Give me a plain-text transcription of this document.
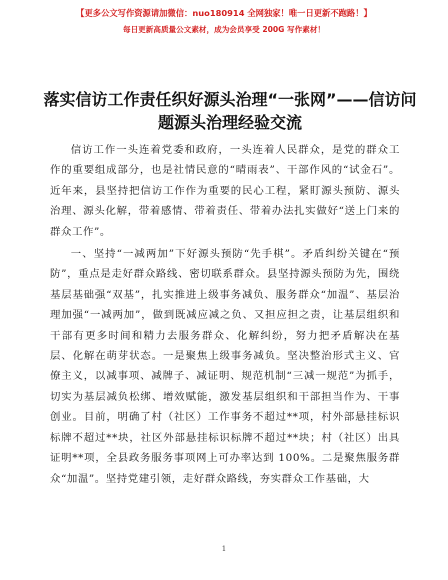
【更多公文写作资源请加微信：nuo180914 全网独家！唯一日更新不跑路！】
每日更新高质量公文素材，成为会员享受 200G 写作素材！
落实信访工作责任织好源头治理“一张网”——信访问题源头治理经验交流

信访工作一头连着党委和政府，一头连着人民群众，是党的群众工作的重要组成部分，也是社情民意的“晴雨表”、干部作风的“试金石”。近年来，县坚持把信访工作作为重要的民心工程，紧盯源头预防、源头治理、源头化解，带着感情、带着责任、带着办法扎实做好“送上门来的群众工作”。

一、坚持“一减两加”下好源头预防“先手棋”。矛盾纠纷关键在“预防”，重点是走好群众路线、密切联系群众。县坚持源头预防为先，围绕基层基础强“双基”，扎实推进上级事务减负、服务群众“加温”、基层治理加强“一减两加”，做到既减应减之负、又担应担之责，让基层组织和干部有更多时间和精力去服务群众、化解纠纷，努力把矛盾解决在基层、化解在萌芽状态。一是聚焦上级事务减负。坚决整治形式主义、官僚主义，以减事项、减牌子、减证明、规范机制“三减一规范”为抓手，切实为基层减负松绑、增效赋能，激发基层组织和干部担当作为、干事创业。目前，明确了村（社区）工作事务不超过**项，村外部悬挂标识标牌不超过**块，社区外部悬挂标识标牌不超过**块；村（社区）出具证明**项，全县政务服务事项网上可办率达到 100%。二是聚焦服务群众“加温”。坚持党建引领，走好群众路线，夯实群众工作基础，大

1
